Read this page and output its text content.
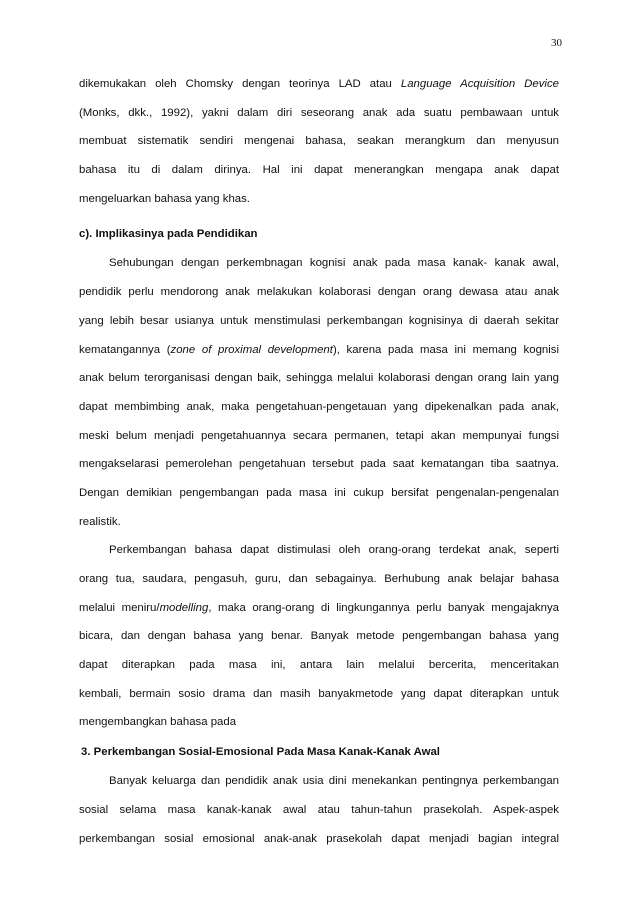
30
dikemukakan oleh Chomsky dengan teorinya LAD atau Language Acquisition Device
(Monks, dkk., 1992), yakni dalam diri seseorang anak ada suatu pembawaan untuk
membuat sistematik sendiri mengenai bahasa, seakan merangkum dan menyusun
bahasa itu di dalam dirinya. Hal ini dapat menerangkan mengapa anak dapat
mengeluarkan bahasa yang khas.
c). Implikasinya pada Pendidikan
Sehubungan dengan perkembnagan kognisi anak pada masa kanak- kanak awal,
pendidik perlu mendorong anak melakukan kolaborasi dengan orang dewasa atau anak
yang lebih besar usianya untuk menstimulasi perkembangan kognisinya di daerah sekitar
kematangannya (zone of proximal development), karena pada masa ini memang kognisi
anak belum terorganisasi dengan baik, sehingga melalui kolaborasi dengan orang lain yang
dapat membimbing anak, maka pengetahuan-pengetauan yang dipekenalkan pada anak,
meski belum menjadi pengetahuannya secara permanen, tetapi akan mempunyai fungsi
mengakselarasi pemerolehan pengetahuan tersebut pada saat kematangan tiba saatnya.
Dengan demikian pengembangan pada masa ini cukup bersifat pengenalan-pengenalan
realistik.
Perkembangan bahasa dapat distimulasi oleh orang-orang terdekat anak, seperti
orang tua, saudara, pengasuh, guru, dan sebagainya. Berhubung anak belajar bahasa
melalui meniru/modelling, maka orang-orang di lingkungannya perlu banyak mengajaknya
bicara, dan dengan bahasa yang benar. Banyak metode pengembangan bahasa yang
dapat diterapkan pada masa ini, antara lain melalui bercerita, menceritakan
kembali, bermain sosio drama dan masih banyakmetode yang dapat diterapkan untuk
mengembangkan bahasa pada
3. Perkembangan Sosial-Emosional Pada Masa Kanak-Kanak Awal
Banyak keluarga dan pendidik anak usia dini menekankan pentingnya perkembangan
sosial selama masa kanak-kanak awal atau tahun-tahun prasekolah. Aspek-aspek
perkembangan sosial emosional anak-anak prasekolah dapat menjadi bagian integral
